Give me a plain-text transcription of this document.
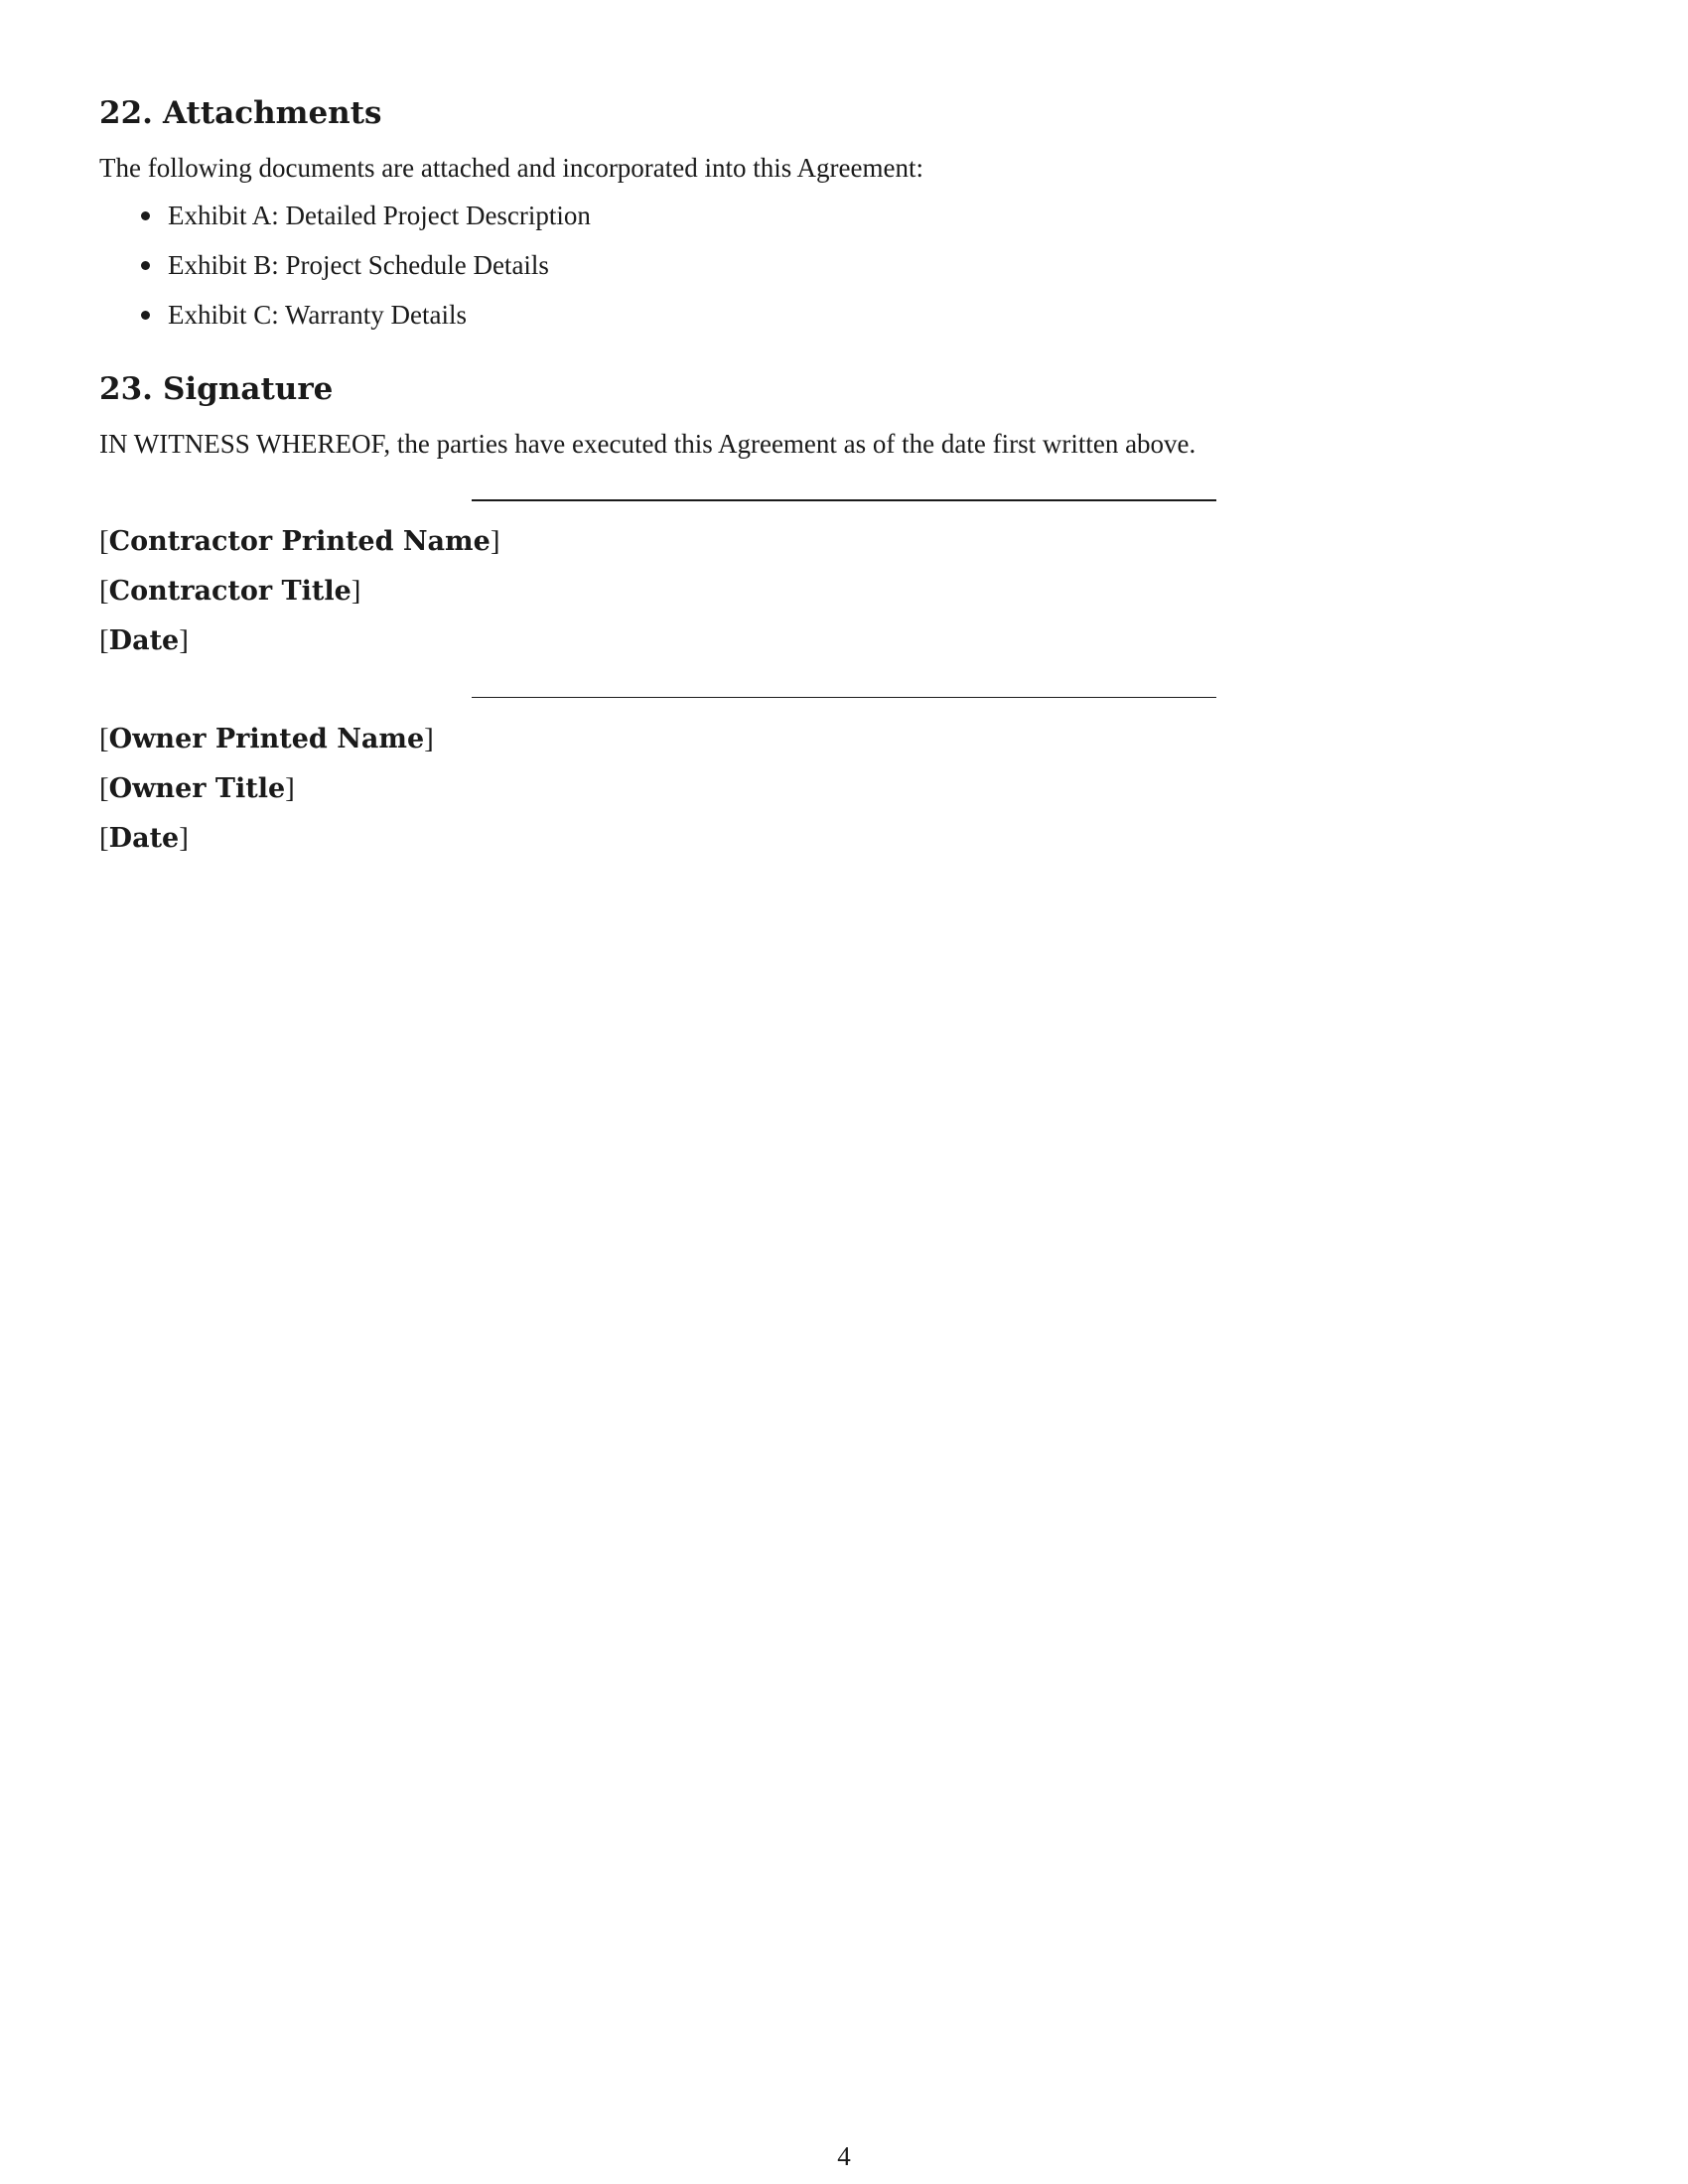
22. Attachments

The following documents are attached and incorporated into this Agreement:

Exhibit A: Detailed Project Description
Exhibit B: Project Schedule Details
Exhibit C: Warranty Details
23. Signature

IN WITNESS WHEREOF, the parties have executed this Agreement as of the date first written above.

[Contractor Printed Name]

[Contractor Title]

[Date]

[Owner Printed Name]

[Owner Title]

[Date]

4
